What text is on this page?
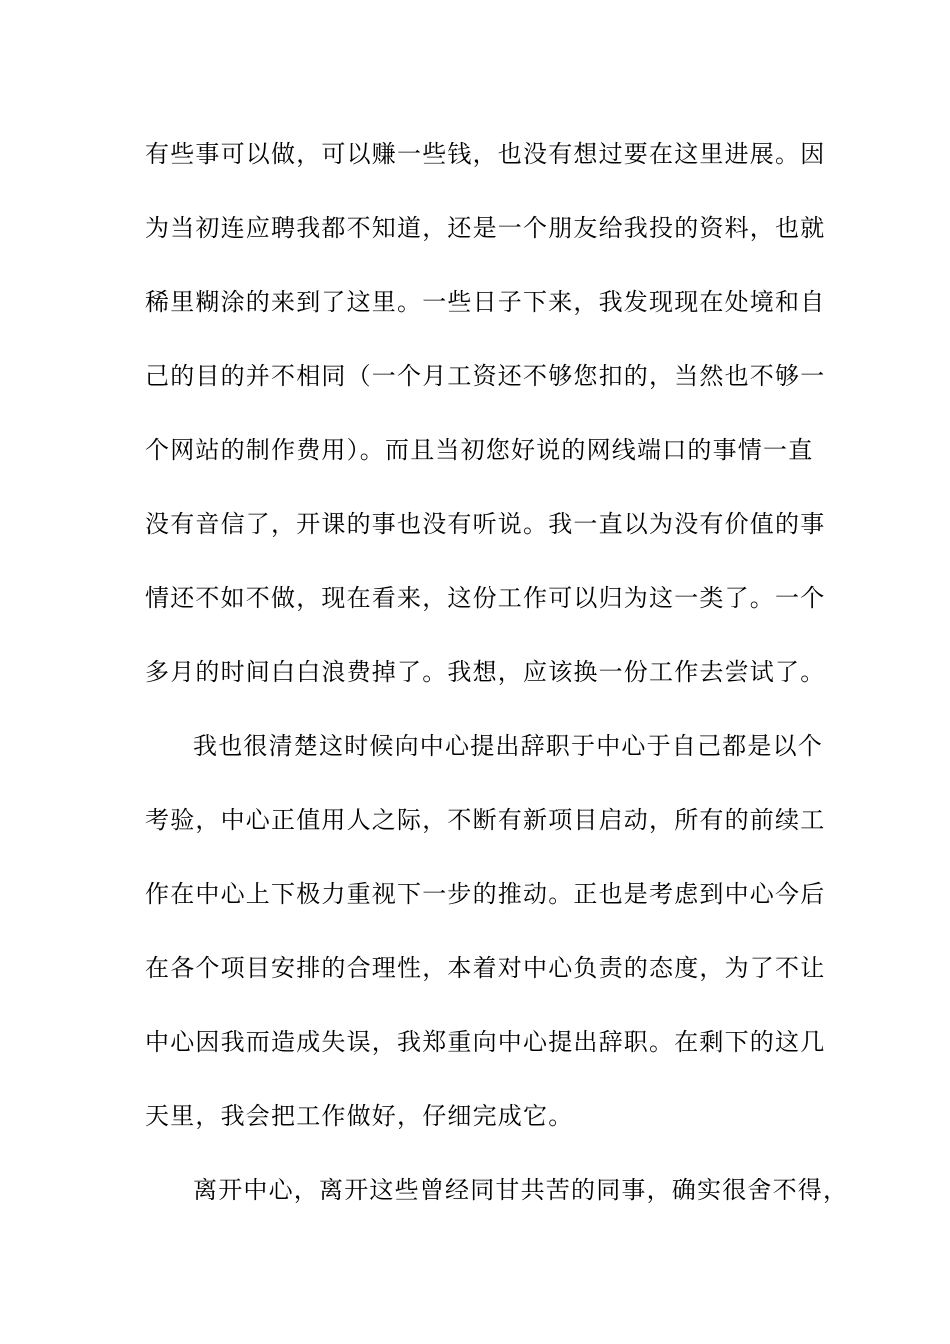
有些事可以做，可以赚一些钱，也没有想过要在这里进展。因
为当初连应聘我都不知道，还是一个朋友给我投的资料，也就
稀里糊涂的来到了这里。一些日子下来，我发现现在处境和自
己的目的并不相同（一个月工资还不够您扣的，当然也不够一
个网站的制作费用）。而且当初您好说的网线端口的事情一直
没有音信了，开课的事也没有听说。我一直以为没有价值的事
情还不如不做，现在看来，这份工作可以归为这一类了。一个
多月的时间白白浪费掉了。我想，应该换一份工作去尝试了。
我也很清楚这时候向中心提出辞职于中心于自己都是以个
考验，中心正值用人之际，不断有新项目启动，所有的前续工
作在中心上下极力重视下一步的推动。正也是考虑到中心今后
在各个项目安排的合理性，本着对中心负责的态度，为了不让
中心因我而造成失误，我郑重向中心提出辞职。在剩下的这几
天里，我会把工作做好，仔细完成它。
离开中心，离开这些曾经同甘共苦的同事，确实很舍不得，
